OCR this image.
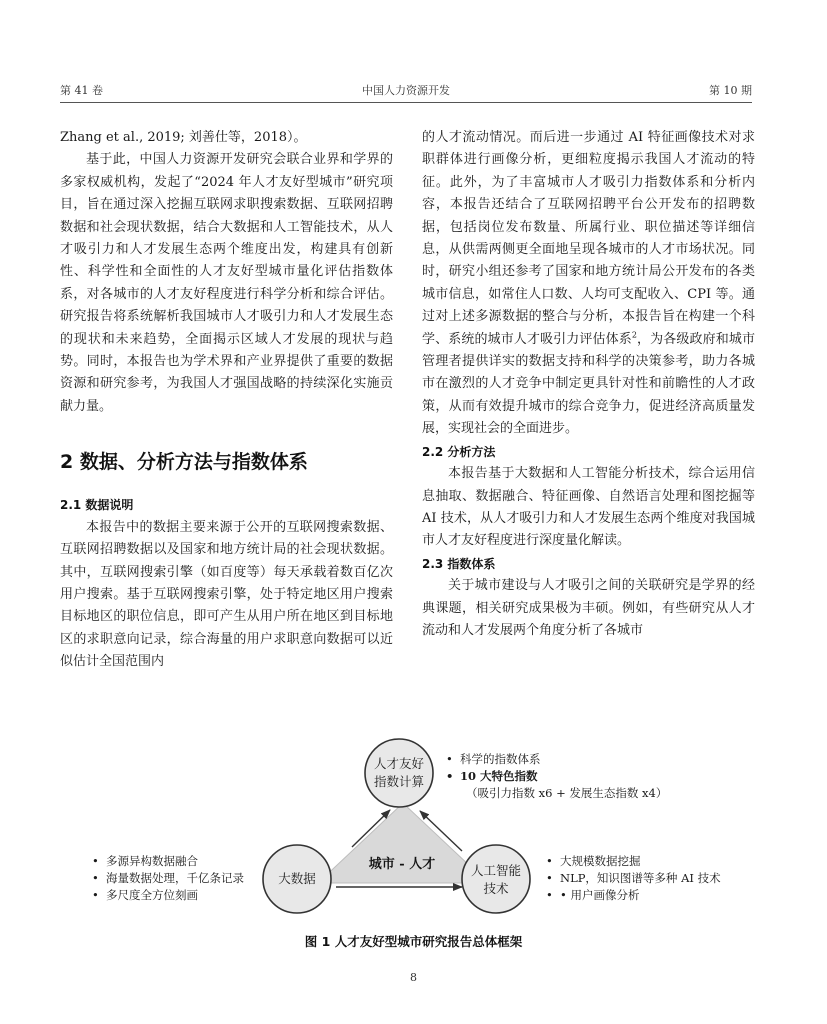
第 41 卷	中国人力资源开发	第 10 期

Zhang et al., 2019; 刘善仕等，2018）。

基于此，中国人力资源开发研究会联合业界和学界的多家权威机构，发起了“2024 年人才友好型城市”研究项目，旨在通过深入挖掘互联网求职搜索数据、互联网招聘数据和社会现状数据，结合大数据和人工智能技术，从人才吸引力和人才发展生态两个维度出发，构建具有创新性、科学性和全面性的人才友好型城市量化评估指数体系，对各城市的人才友好程度进行科学分析和综合评估。研究报告将系统解析我国城市人才吸引力和人才发展生态的现状和未来趋势，全面揭示区域人才发展的现状与趋势。同时，本报告也为学术界和产业界提供了重要的数据资源和研究参考，为我国人才强国战略的持续深化实施贡献力量。

2 数据、分析方法与指数体系
2.1 数据说明

本报告中的数据主要来源于公开的互联网搜索数据、互联网招聘数据以及国家和地方统计局的社会现状数据。其中，互联网搜索引擎（如百度等）每天承载着数百亿次用户搜索。基于互联网搜索引擎，处于特定地区用户搜索目标地区的职位信息，即可产生从用户所在地区到目标地区的求职意向记录，综合海量的用户求职意向数据可以近似估计全国范围内

的人才流动情况。而后进一步通过 AI 特征画像技术对求职群体进行画像分析，更细粒度揭示我国人才流动的特征。此外，为了丰富城市人才吸引力指数体系和分析内容，本报告还结合了互联网招聘平台公开发布的招聘数据，包括岗位发布数量、所属行业、职位描述等详细信息，从供需两侧更全面地呈现各城市的人才市场状况。同时，研究小组还参考了国家和地方统计局公开发布的各类城市信息，如常住人口数、人均可支配收入、CPI 等。通过对上述多源数据的整合与分析，本报告旨在构建一个科学、系统的城市人才吸引力评估体系$^2$，为各级政府和城市管理者提供详实的数据支持和科学的决策参考，助力各城市在激烈的人才竞争中制定更具针对性和前瞻性的人才政策，从而有效提升城市的综合竞争力，促进经济高质量发展，实现社会的全面进步。

2.2 分析方法

本报告基于大数据和人工智能分析技术，综合运用信息抽取、数据融合、特征画像、自然语言处理和图挖掘等 AI 技术，从人才吸引力和人才发展生态两个维度对我国城市人才友好程度进行深度量化解读。

2.3 指数体系

关于城市建设与人才吸引之间的关联研究是学界的经典课题，相关研究成果极为丰硕。例如，有些研究从人才流动和人才发展两个角度分析了各城市

人才友好
指数计算
大数据
人工智能
技术
城市 - 人才
• 科学的指数体系
• 10 大特色指数
（吸引力指数 x6 + 发展生态指数 x4）
• 多源异构数据融合
• 海量数据处理，千亿条记录
• 多尺度全方位刻画
• 大规模数据挖掘
• NLP，知识图谱等多种 AI 技术
• • 用户画像分析
图 1 人才友好型城市研究报告总体框架
8
